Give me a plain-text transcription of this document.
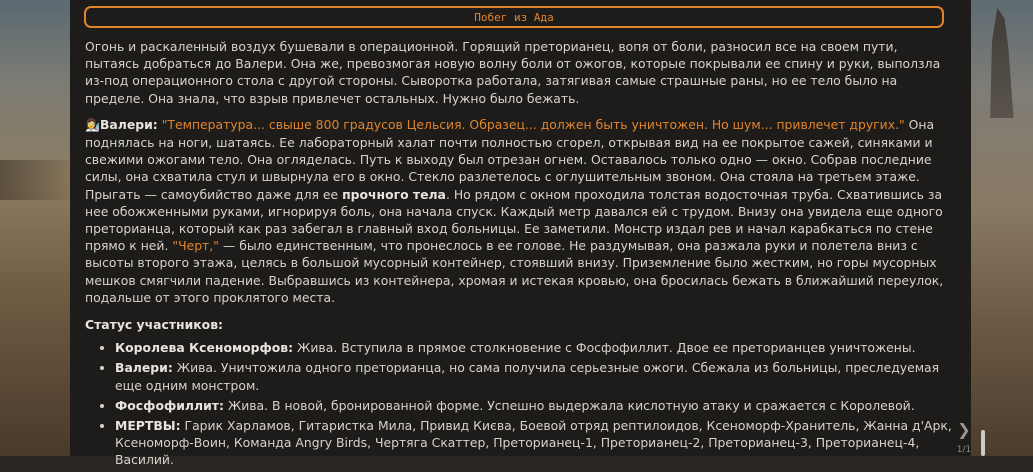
Побег из Ада

Огонь и раскаленный воздух бушевали в операционной. Горящий преторианец, вопя от боли, разносил все на своем пути, пытаясь добраться до Валери. Она же, превозмогая новую волну боли от ожогов, которые покрывали ее спину и руки, выползла из-под операционного стола с другой стороны. Сыворотка работала, затягивая самые страшные раны, но ее тело было на пределе. Она знала, что взрыв привлечет остальных. Нужно было бежать.

👩‍🔬Валери: "Температура... свыше 800 градусов Цельсия. Образец... должен быть уничтожен. Но шум... привлечет других." Она поднялась на ноги, шатаясь. Ее лабораторный халат почти полностью сгорел, открывая вид на ее покрытое сажей, синяками и свежими ожогами тело. Она огляделась. Путь к выходу был отрезан огнем. Оставалось только одно — окно. Собрав последние силы, она схватила стул и швырнула его в окно. Стекло разлетелось с оглушительным звоном. Она стояла на третьем этаже. Прыгать — самоубийство даже для ее прочного тела. Но рядом с окном проходила толстая водосточная труба. Схватившись за нее обожженными руками, игнорируя боль, она начала спуск. Каждый метр давался ей с трудом. Внизу она увидела еще одного преторианца, который как раз забегал в главный вход больницы. Ее заметили. Монстр издал рев и начал карабкаться по стене прямо к ней. "Черт," — было единственным, что пронеслось в ее голове. Не раздумывая, она разжала руки и полетела вниз с высоты второго этажа, целясь в большой мусорный контейнер, стоявший внизу. Приземление было жестким, но горы мусорных мешков смягчили падение. Выбравшись из контейнера, хромая и истекая кровью, она бросилась бежать в ближайший переулок, подальше от этого проклятого места.

Статус участников:
• Королева Ксеноморфов: Жива. Вступила в прямое столкновение с Фосфофиллит. Двое ее преторианцев уничтожены.
• Валери: Жива. Уничтожила одного преторианца, но сама получила серьезные ожоги. Сбежала из больницы, преследуемая еще одним монстром.
• Фосфофиллит: Жива. В новой, бронированной форме. Успешно выдержала кислотную атаку и сражается с Королевой.
• МЕРТВЫ: Гарик Харламов, Гитаристка Мила, Привид Києва, Боевой отряд рептилоидов, Ксеноморф-Хранитель, Жанна д'Арк, Ксеноморф-Воин, Команда Angry Birds, Чертяга Скаттер, Преторианец-1, Преторианец-2, Преторианец-3, Преторианец-4, Василий.
❯
1/1
